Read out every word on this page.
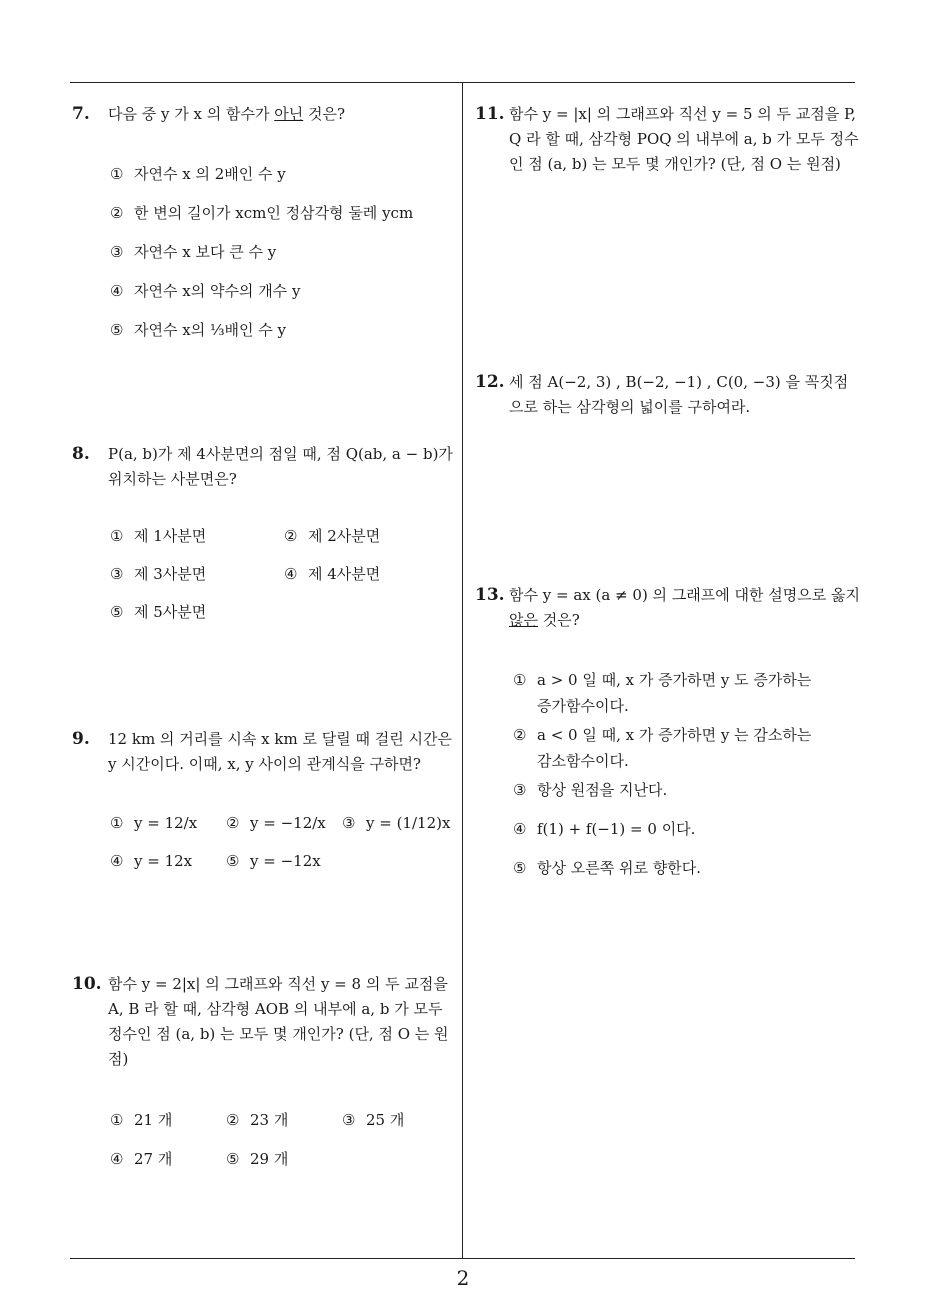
7. 다음 중 y 가 x 의 함수가 아닌 것은?
① 자연수 x 의 2배인 수 y
② 한 변의 길이가 xcm인 정삼각형 둘레 ycm
③ 자연수 x 보다 큰 수 y
④ 자연수 x의 약수의 개수 y
⑤ 자연수 x의 ⅓배인 수 y
8. P(a, b)가 제 4사분면의 점일 때, 점 Q(ab, a − b)가 위치하는 사분면은?
① 제 1사분면	② 제 2사분면
③ 제 3사분면	④ 제 4사분면
⑤ 제 5사분면
9. 12 km 의 거리를 시속 x km 로 달릴 때 걸린 시간은 y 시간이다. 이때, x, y 사이의 관계식을 구하면?
① y = 12/x ② y = −12/x ③ y = (1/12)x
④ y = 12x ⑤ y = −12x
10. 함수 y = 2|x| 의 그래프와 직선 y = 8 의 두 교점을 A, B 라 할 때, 삼각형 AOB 의 내부에 a, b 가 모두 정수인 점 (a, b) 는 모두 몇 개인가? (단, 점 O 는 원점)
① 21 개	② 23 개	③ 25 개
④ 27 개	⑤ 29 개
11. 함수 y = |x| 의 그래프와 직선 y = 5 의 두 교점을 P, Q 라 할 때, 삼각형 POQ 의 내부에 a, b 가 모두 정수인 점 (a, b) 는 모두 몇 개인가? (단, 점 O 는 원점)
12. 세 점 A(−2, 3) , B(−2, −1) , C(0, −3) 을 꼭짓점으로 하는 삼각형의 넓이를 구하여라.
13. 함수 y = ax (a ≠ 0) 의 그래프에 대한 설명으로 옳지 않은 것은?
① a > 0 일 때, x 가 증가하면 y 도 증가하는
증가함수이다.
② a < 0 일 때, x 가 증가하면 y 는 감소하는
감소함수이다.
③ 항상 원점을 지난다.
④ f(1) + f(−1) = 0 이다.
⑤ 항상 오른쪽 위로 향한다.
2
